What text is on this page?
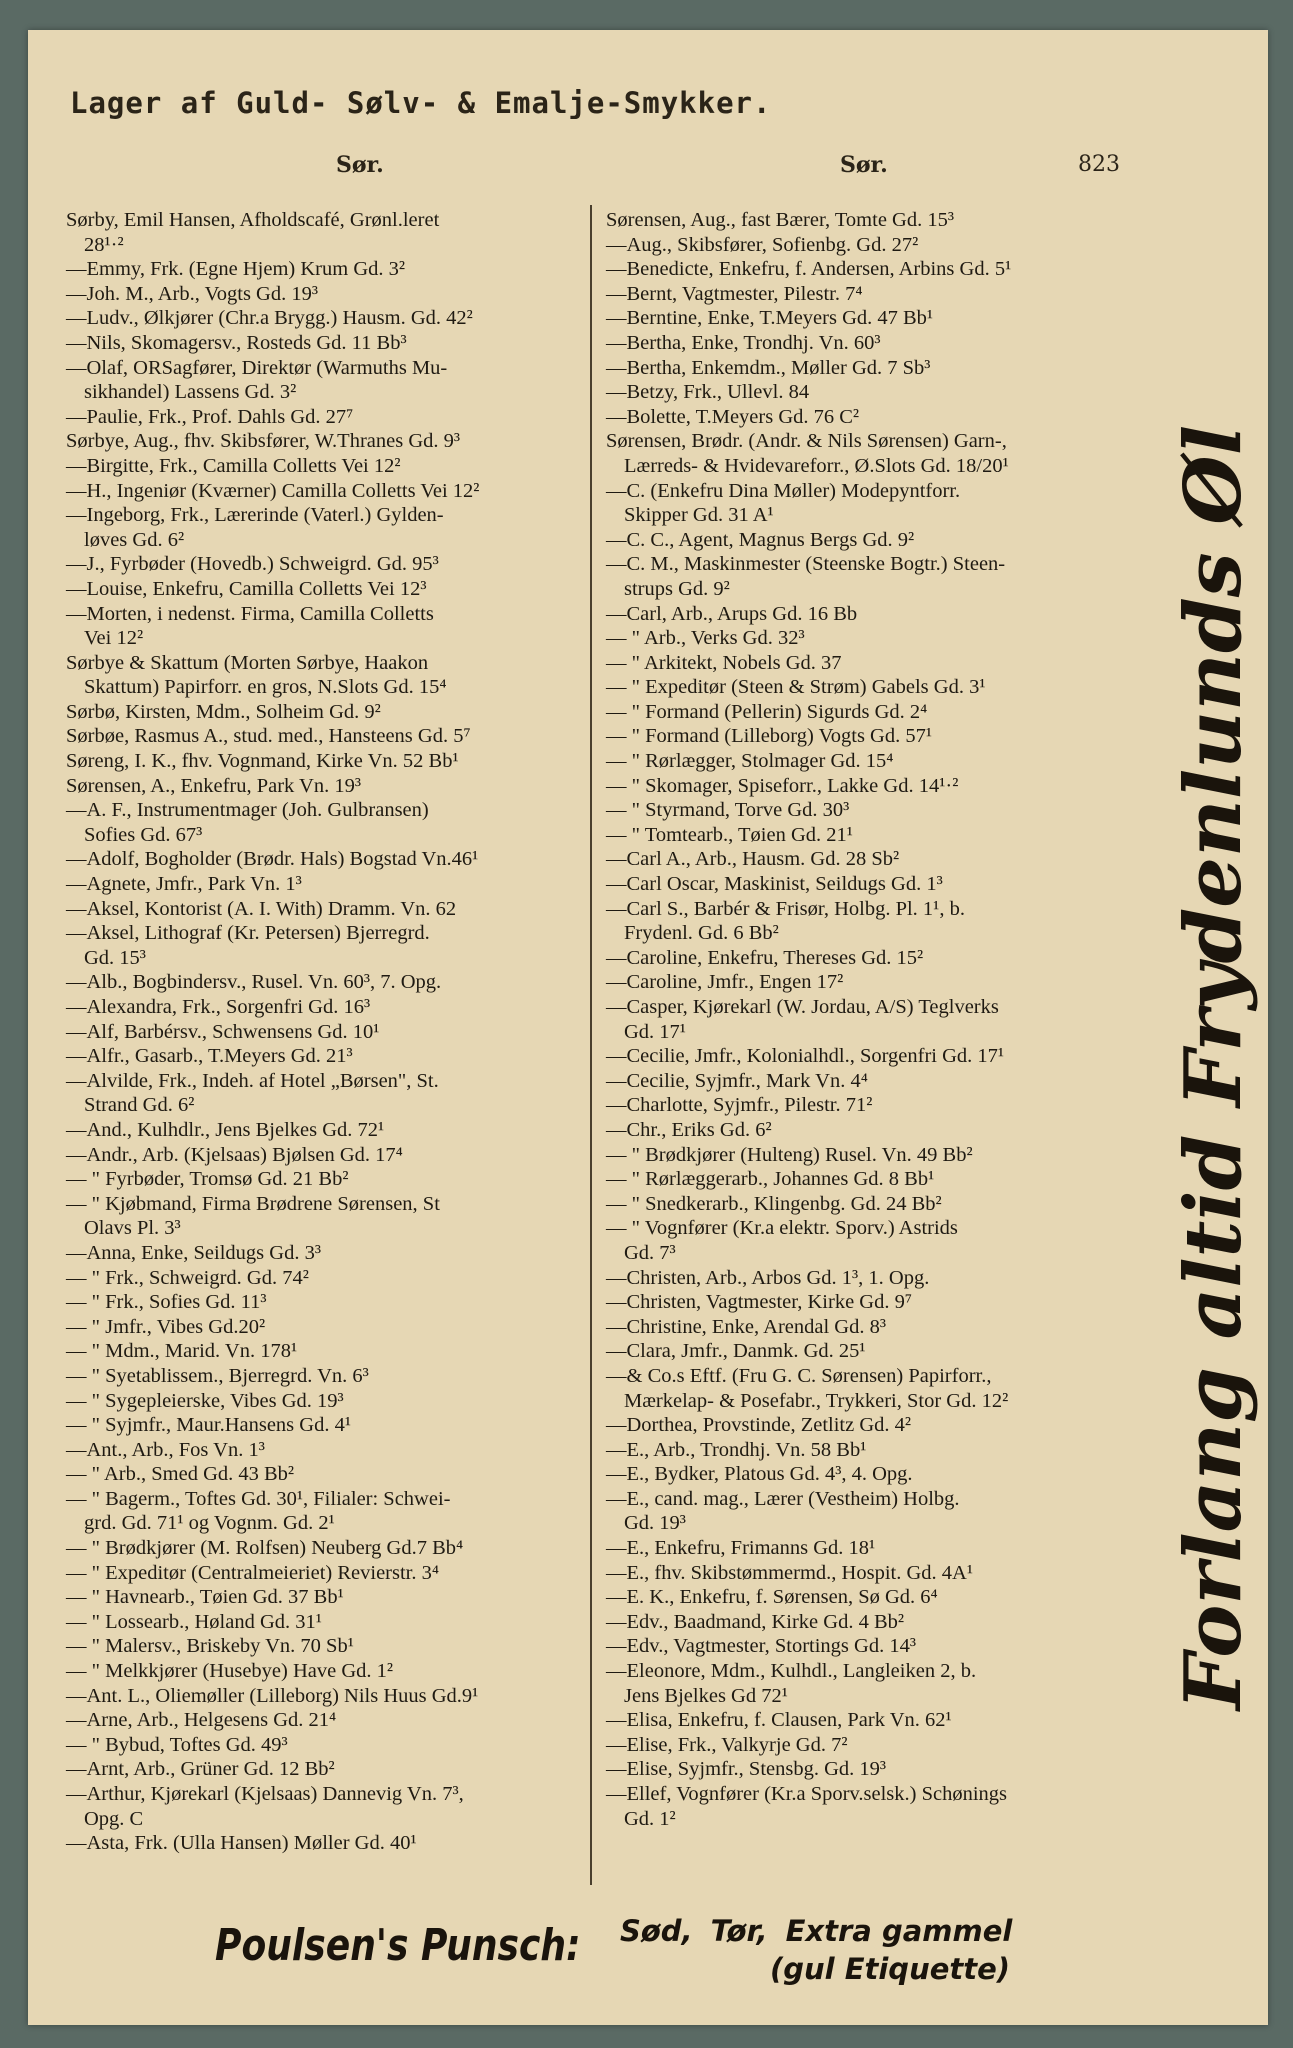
Lager af Guld- Sølv- & Emalje-Smykker.
Sør.	Sør.	823
Sørby, Emil Hansen, Afholdscafé, Grønl.leret

28¹·²
—Emmy, Frk. (Egne Hjem) Krum Gd. 3²
—Joh. M., Arb., Vogts Gd. 19³
—Ludv., Ølkjører (Chr.a Brygg.) Hausm. Gd. 42²
—Nils, Skomagersv., Rosteds Gd. 11 Bb³
—Olaf, ORSagfører, Direktør (Warmuths Mu-

sikhandel) Lassens Gd. 3²
—Paulie, Frk., Prof. Dahls Gd. 27⁷
Sørbye, Aug., fhv. Skibsfører, W.Thranes Gd. 9³
—Birgitte, Frk., Camilla Colletts Vei 12²
—H., Ingeniør (Kværner) Camilla Colletts Vei 12²
—Ingeborg, Frk., Lærerinde (Vaterl.) Gylden-

løves Gd. 6²
—J., Fyrbøder (Hovedb.) Schweigrd. Gd. 95³
—Louise, Enkefru, Camilla Colletts Vei 12³
—Morten, i nedenst. Firma, Camilla Colletts

Vei 12²
Sørbye & Skattum (Morten Sørbye, Haakon

Skattum) Papirforr. en gros, N.Slots Gd. 15⁴
Sørbø, Kirsten, Mdm., Solheim Gd. 9²
Sørbøe, Rasmus A., stud. med., Hansteens Gd. 5⁷
Søreng, I. K., fhv. Vognmand, Kirke Vn. 52 Bb¹
Sørensen, A., Enkefru, Park Vn. 19³
—A. F., Instrumentmager (Joh. Gulbransen)

Sofies Gd. 67³
—Adolf, Bogholder (Brødr. Hals) Bogstad Vn.46¹
—Agnete, Jmfr., Park Vn. 1³
—Aksel, Kontorist (A. I. With) Dramm. Vn. 62
—Aksel, Lithograf (Kr. Petersen) Bjerregrd.

Gd. 15³
—Alb., Bogbindersv., Rusel. Vn. 60³, 7. Opg.
—Alexandra, Frk., Sorgenfri Gd. 16³
—Alf, Barbérsv., Schwensens Gd. 10¹
—Alfr., Gasarb., T.Meyers Gd. 21³
—Alvilde, Frk., Indeh. af Hotel „Børsen", St.

Strand Gd. 6²
—And., Kulhdlr., Jens Bjelkes Gd. 72¹
—Andr., Arb. (Kjelsaas) Bjølsen Gd. 17⁴
— " Fyrbøder, Tromsø Gd. 21 Bb²
— " Kjøbmand, Firma Brødrene Sørensen, St

Olavs Pl. 3³
—Anna, Enke, Seildugs Gd. 3³
— " Frk., Schweigrd. Gd. 74²
— " Frk., Sofies Gd. 11³
— " Jmfr., Vibes Gd.20²
— " Mdm., Marid. Vn. 178¹
— " Syetablissem., Bjerregrd. Vn. 6³
— " Sygepleierske, Vibes Gd. 19³
— " Syjmfr., Maur.Hansens Gd. 4¹
—Ant., Arb., Fos Vn. 1³
— " Arb., Smed Gd. 43 Bb²
— " Bagerm., Toftes Gd. 30¹, Filialer: Schwei-

grd. Gd. 71¹ og Vognm. Gd. 2¹
— " Brødkjører (M. Rolfsen) Neuberg Gd.7 Bb⁴
— " Expeditør (Centralmeieriet) Revierstr. 3⁴
— " Havnearb., Tøien Gd. 37 Bb¹
— " Lossearb., Høland Gd. 31¹
— " Malersv., Briskeby Vn. 70 Sb¹
— " Melkkjører (Husebye) Have Gd. 1²
—Ant. L., Oliemøller (Lilleborg) Nils Huus Gd.9¹
—Arne, Arb., Helgesens Gd. 21⁴
— " Bybud, Toftes Gd. 49³
—Arnt, Arb., Grüner Gd. 12 Bb²
—Arthur, Kjørekarl (Kjelsaas) Dannevig Vn. 7³,

Opg. C
—Asta, Frk. (Ulla Hansen) Møller Gd. 40¹
Sørensen, Aug., fast Bærer, Tomte Gd. 15³
—Aug., Skibsfører, Sofienbg. Gd. 27²
—Benedicte, Enkefru, f. Andersen, Arbins Gd. 5¹
—Bernt, Vagtmester, Pilestr. 7⁴
—Berntine, Enke, T.Meyers Gd. 47 Bb¹
—Bertha, Enke, Trondhj. Vn. 60³
—Bertha, Enkemdm., Møller Gd. 7 Sb³
—Betzy, Frk., Ullevl. 84
—Bolette, T.Meyers Gd. 76 C²
Sørensen, Brødr. (Andr. & Nils Sørensen) Garn-,

Lærreds- & Hvidevareforr., Ø.Slots Gd. 18/20¹
—C. (Enkefru Dina Møller) Modepyntforr.

Skipper Gd. 31 A¹
—C. C., Agent, Magnus Bergs Gd. 9²
—C. M., Maskinmester (Steenske Bogtr.) Steen-

strups Gd. 9²
—Carl, Arb., Arups Gd. 16 Bb
— " Arb., Verks Gd. 32³
— " Arkitekt, Nobels Gd. 37
— " Expeditør (Steen & Strøm) Gabels Gd. 3¹
— " Formand (Pellerin) Sigurds Gd. 2⁴
— " Formand (Lilleborg) Vogts Gd. 57¹
— " Rørlægger, Stolmager Gd. 15⁴
— " Skomager, Spiseforr., Lakke Gd. 14¹·²
— " Styrmand, Torve Gd. 30³
— " Tomtearb., Tøien Gd. 21¹
—Carl A., Arb., Hausm. Gd. 28 Sb²
—Carl Oscar, Maskinist, Seildugs Gd. 1³
—Carl S., Barbér & Frisør, Holbg. Pl. 1¹, b.

Frydenl. Gd. 6 Bb²
—Caroline, Enkefru, Thereses Gd. 15²
—Caroline, Jmfr., Engen 17²
—Casper, Kjørekarl (W. Jordau, A/S) Teglverks

Gd. 17¹
—Cecilie, Jmfr., Kolonialhdl., Sorgenfri Gd. 17¹
—Cecilie, Syjmfr., Mark Vn. 4⁴
—Charlotte, Syjmfr., Pilestr. 71²
—Chr., Eriks Gd. 6²
— " Brødkjører (Hulteng) Rusel. Vn. 49 Bb²
— " Rørlæggerarb., Johannes Gd. 8 Bb¹
— " Snedkerarb., Klingenbg. Gd. 24 Bb²
— " Vognfører (Kr.a elektr. Sporv.) Astrids

Gd. 7³
—Christen, Arb., Arbos Gd. 1³, 1. Opg.
—Christen, Vagtmester, Kirke Gd. 9⁷
—Christine, Enke, Arendal Gd. 8³
—Clara, Jmfr., Danmk. Gd. 25¹
—& Co.s Eftf. (Fru G. C. Sørensen) Papirforr.,

Mærkelap- & Posefabr., Trykkeri, Stor Gd. 12²
—Dorthea, Provstinde, Zetlitz Gd. 4²
—E., Arb., Trondhj. Vn. 58 Bb¹
—E., Bydker, Platous Gd. 4³, 4. Opg.
—E., cand. mag., Lærer (Vestheim) Holbg.

Gd. 19³
—E., Enkefru, Frimanns Gd. 18¹
—E., fhv. Skibstømmermd., Hospit. Gd. 4A¹
—E. K., Enkefru, f. Sørensen, Sø Gd. 6⁴
—Edv., Baadmand, Kirke Gd. 4 Bb²
—Edv., Vagtmester, Stortings Gd. 14³
—Eleonore, Mdm., Kulhdl., Langleiken 2, b.

Jens Bjelkes Gd 72¹
—Elisa, Enkefru, f. Clausen, Park Vn. 62¹
—Elise, Frk., Valkyrje Gd. 7²
—Elise, Syjmfr., Stensbg. Gd. 19³
—Ellef, Vognfører (Kr.a Sporv.selsk.) Schønings

Gd. 1²
Forlang altid Frydenlunds Øl
Poulsen's Punsch: Sød, Tør, Extra gammel
(gul Etiquette)
